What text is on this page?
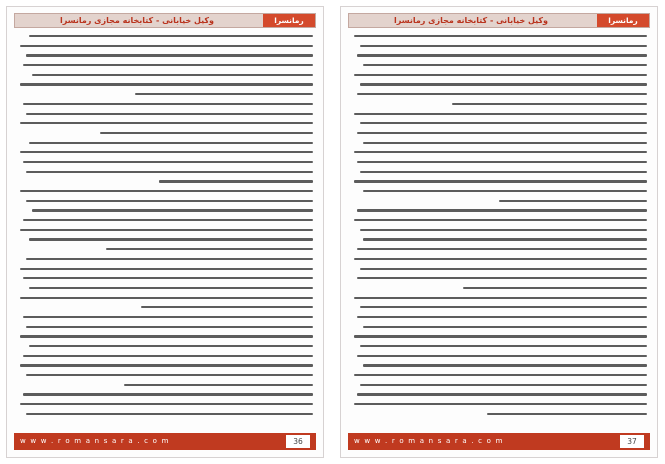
وکیل خیابانی - کتابخانه مجازی رمانسرا	رمانسرا
w w w . r o m a n s a r a . c o m	36
وکیل خیابانی - کتابخانه مجازی رمانسرا	رمانسرا
w w w . r o m a n s a r a . c o m	37
